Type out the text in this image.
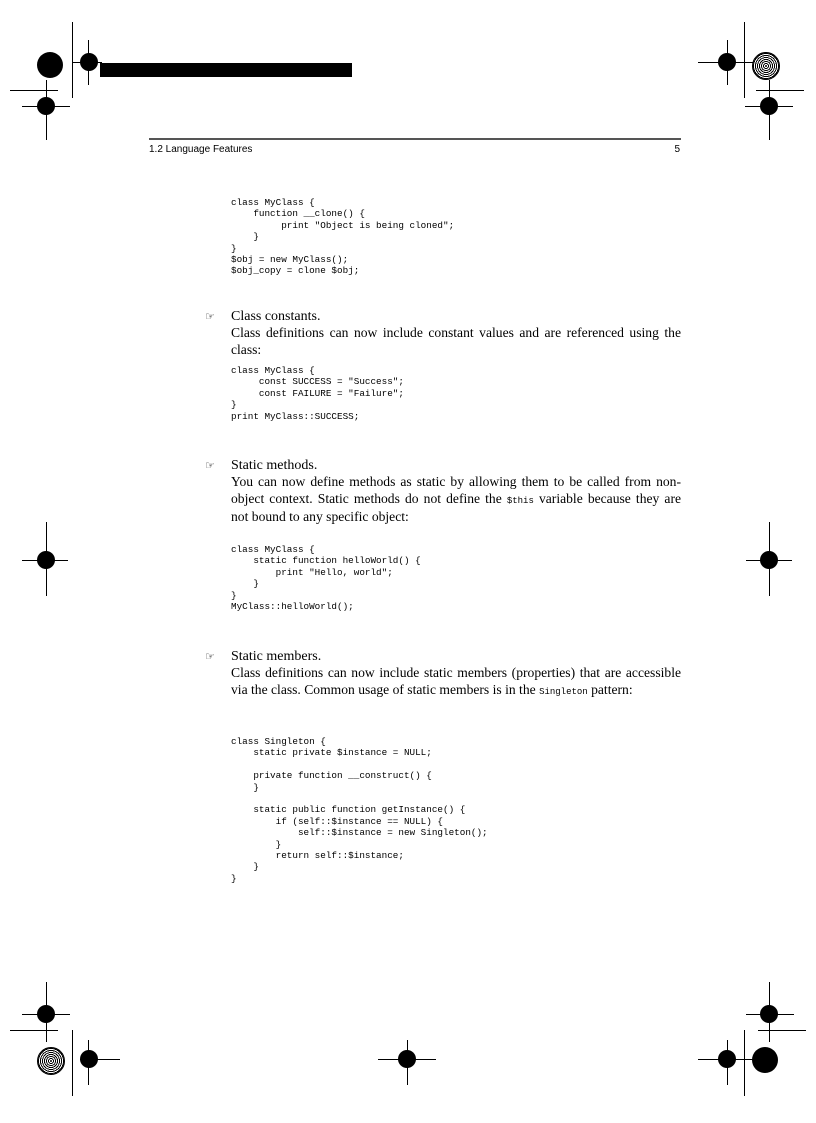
1.2 Language Features	5
class MyClass {
function __clone() {
print "Object is being cloned";
}
}
$obj = new MyClass();
$obj_copy = clone $obj;
☞ Class constants.
Class definitions can now include constant values and are referenced using the class:
class MyClass {
const SUCCESS = "Success";
const FAILURE = "Failure";
}
print MyClass::SUCCESS;
☞ Static methods.
You can now define methods as static by allowing them to be called from non-object context. Static methods do not define the $this variable because they are not bound to any specific object:
class MyClass {
static function helloWorld() {
print "Hello, world";
}
}
MyClass::helloWorld();
☞ Static members.
Class definitions can now include static members (properties) that are accessible via the class. Common usage of static members is in the Singleton pattern:
class Singleton {
static private $instance = NULL;

private function __construct() {
}

static public function getInstance() {
if (self::$instance == NULL) {
self::$instance = new Singleton();
}
return self::$instance;
}
}
